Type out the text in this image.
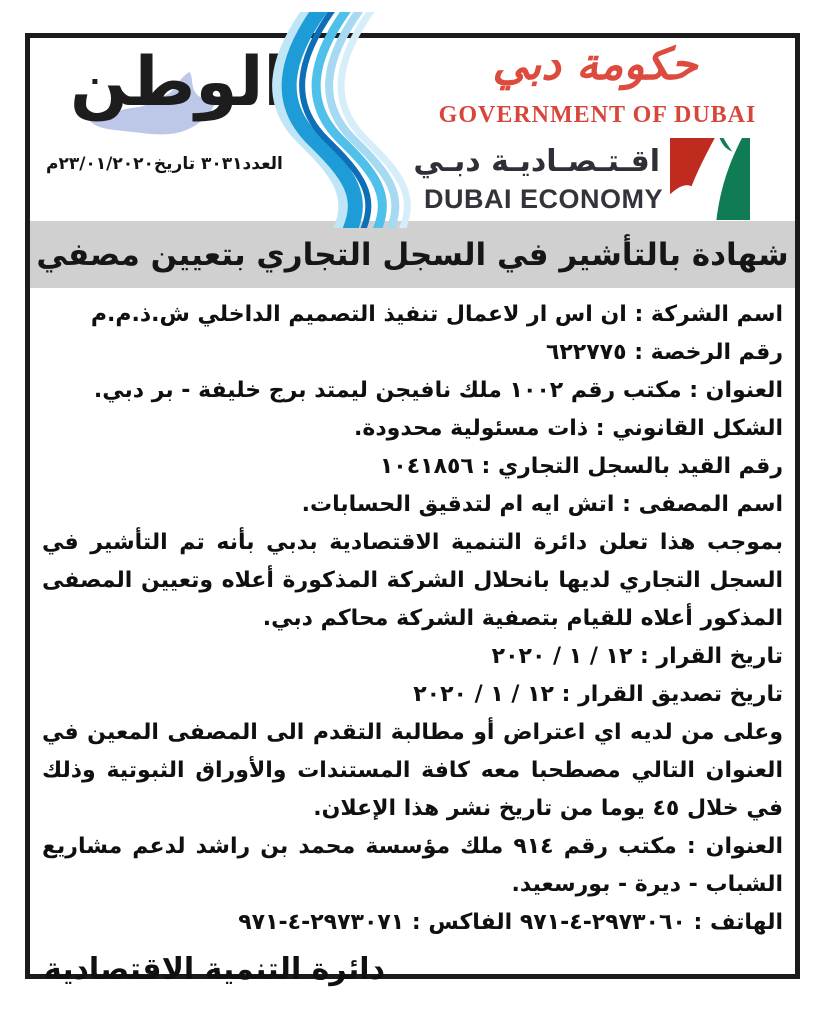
الوطن
العدد٣٠٣١ تاريخ٢٣/٠١/٢٠٢٠م
حكومة دبي
GOVERNMENT OF DUBAI
اقـتـصـاديـة دبـي
DUBAI ECONOMY
شهادة بالتأشير في السجل التجاري بتعيين مصفي

اسم الشركة : ان اس ار لاعمال تنفيذ التصميم الداخلي ش.ذ.م.م

رقم الرخصة : ٦٢٢٧٧٥

العنوان : مكتب رقم ١٠٠٢ ملك نافيجن ليمتد برج خليفة - بر دبي.

الشكل القانوني : ذات مسئولية محدودة.

رقم القيد بالسجل التجاري : ١٠٤١٨٥٦

اسم المصفى : اتش ايه ام لتدقيق الحسابات.

بموجب هذا تعلن دائرة التنمية الاقتصادية بدبي بأنه تم التأشير في السجل التجاري لديها بانحلال الشركة المذكورة أعلاه وتعيين المصفى المذكور أعلاه للقيام بتصفية الشركة محاكم دبي.

تاريخ القرار : ١٢ / ١ / ٢٠٢٠

تاريخ تصديق القرار : ١٢ / ١ / ٢٠٢٠

وعلى من لديه اي اعتراض أو مطالبة التقدم الى المصفى المعين في العنوان التالي مصطحبا معه كافة المستندات والأوراق الثبوتية وذلك في خلال ٤٥ يوما من تاريخ نشر هذا الإعلان.

العنوان : مكتب رقم ٩١٤ ملك مؤسسة محمد بن راشد لدعم مشاريع الشباب - ديرة - بورسعيد.

الهاتف : ٢٩٧٣٠٦٠-٤-٩٧١ الفاكس : ٢٩٧٣٠٧١-٤-٩٧١

دائرة التنمية الاقتصادية
